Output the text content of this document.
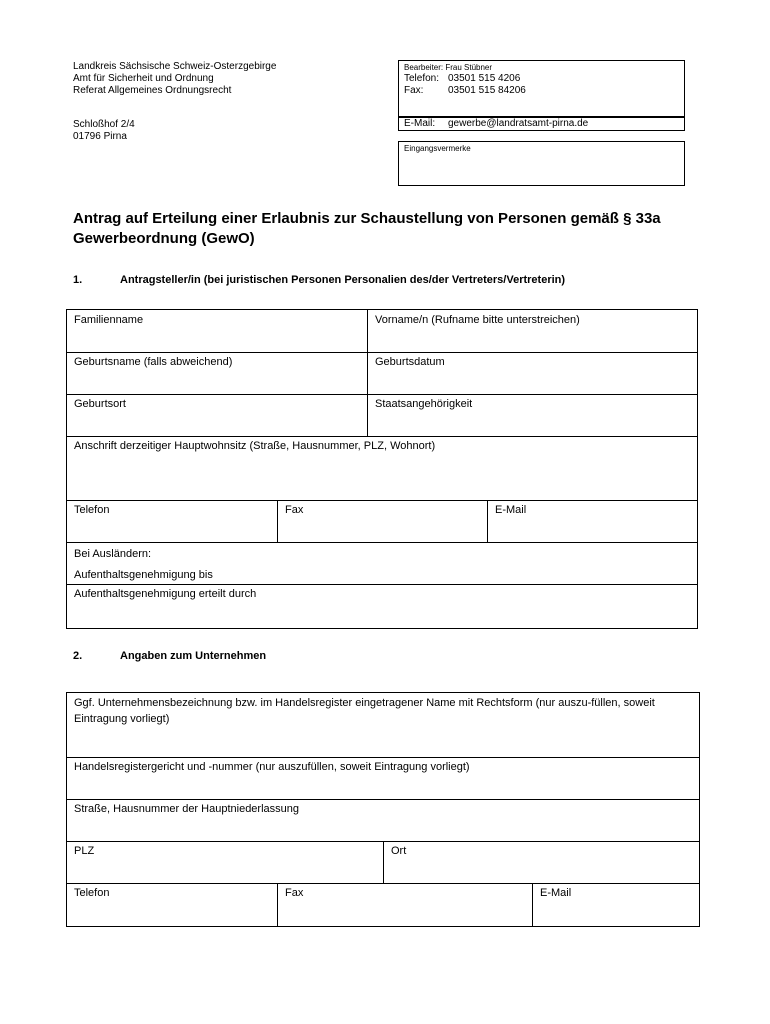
Landkreis Sächsische Schweiz-Osterzgebirge
Amt für Sicherheit und Ordnung
Referat Allgemeines Ordnungsrecht
Schloßhof 2/4
01796 Pirna
Bearbeiter: Frau Stübner
Telefon: 03501 515 4206
Fax:	03501 515 84206
E-Mail:	gewerbe@landratsamt-pirna.de
Eingangsvermerke
Antrag auf Erteilung einer Erlaubnis zur Schaustellung von Personen gemäß § 33a Gewerbeordnung (GewO)
1.	Antragsteller/in (bei juristischen Personen Personalien des/der Vertreters/Vertreterin)
Familienname	Vorname/n (Rufname bitte unterstreichen)
Geburtsname (falls abweichend)	Geburtsdatum
Geburtsort	Staatsangehörigkeit
Anschrift derzeitiger Hauptwohnsitz (Straße, Hausnummer, PLZ, Wohnort)
Telefon	Fax	E-Mail
Bei Ausländern:
Aufenthaltsgenehmigung bis
Aufenthaltsgenehmigung erteilt durch
2.	Angaben zum Unternehmen
Ggf. Unternehmensbezeichnung bzw. im Handelsregister eingetragener Name mit Rechtsform (nur auszu-füllen, soweit Eintragung vorliegt)
Handelsregistergericht und -nummer (nur auszufüllen, soweit Eintragung vorliegt)
Straße, Hausnummer der Hauptniederlassung
PLZ	Ort
Telefon	Fax	E-Mail
